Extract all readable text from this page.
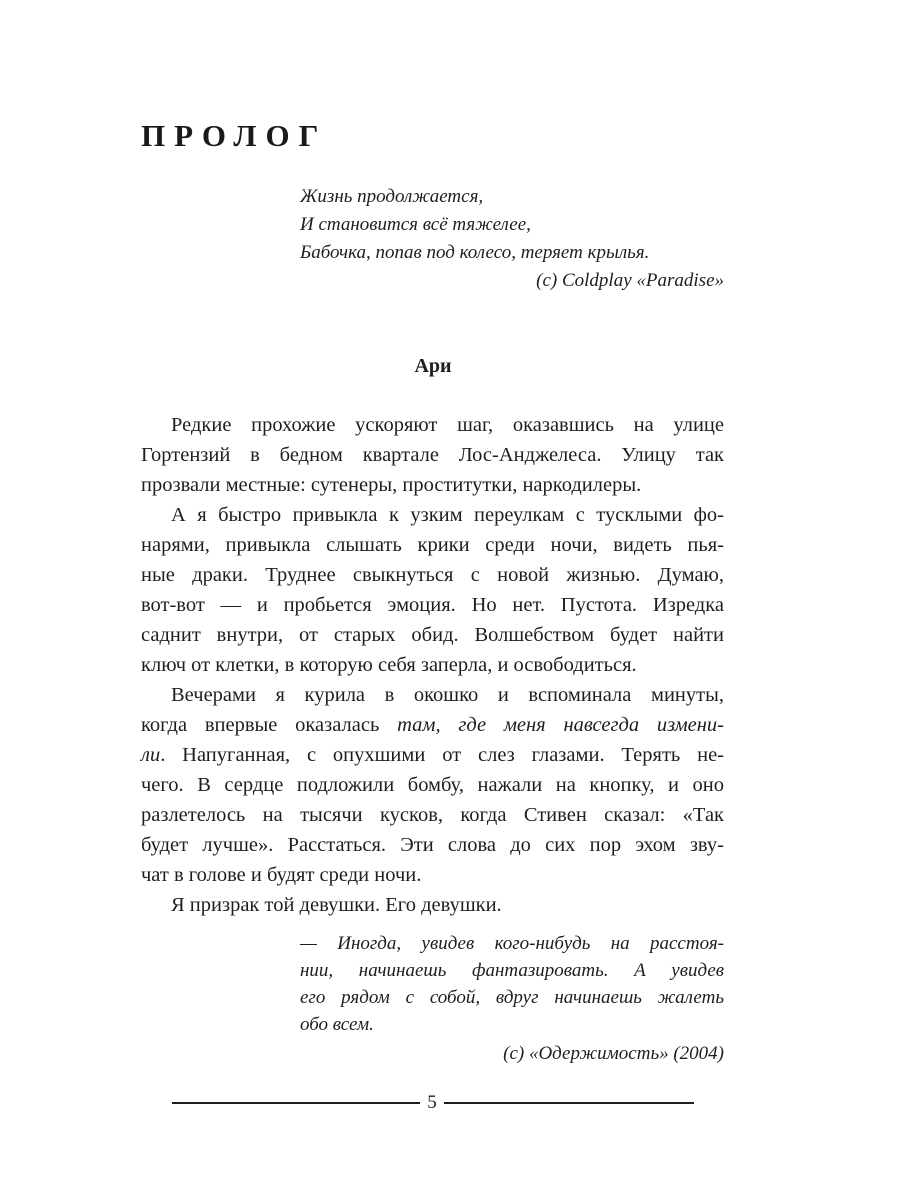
ПРОЛОГ
Жизнь продолжается,
И становится всё тяжелее,
Бабочка, попав под колесо, теряет крылья.
(с) Coldplay «Paradise»
Ари
Редкие прохожие ускоряют шаг, оказавшись на улице
Гортензий в бедном квартале Лос-Анджелеса. Улицу так
прозвали местные: сутенеры, проститутки, наркодилеры.
А я быстро привыкла к узким переулкам с тусклыми фо-
нарями, привыкла слышать крики среди ночи, видеть пья-
ные драки. Труднее свыкнуться с новой жизнью. Думаю,
вот-вот — и пробьется эмоция. Но нет. Пустота. Изредка
саднит внутри, от старых обид. Волшебством будет найти
ключ от клетки, в которую себя заперла, и освободиться.
Вечерами я курила в окошко и вспоминала минуты,
когда впервые оказалась там, где меня навсегда измени-
ли. Напуганная, с опухшими от слез глазами. Терять не-
чего. В сердце подложили бомбу, нажали на кнопку, и оно
разлетелось на тысячи кусков, когда Стивен сказал: «Так
будет лучше». Расстаться. Эти слова до сих пор эхом зву-
чат в голове и будят среди ночи.
Я призрак той девушки. Его девушки.
— Иногда, увидев кого-нибудь на расстоя-
нии, начинаешь фантазировать. А увидев
его рядом с собой, вдруг начинаешь жалеть
обо всем.
(с) «Одержимость» (2004)
5
